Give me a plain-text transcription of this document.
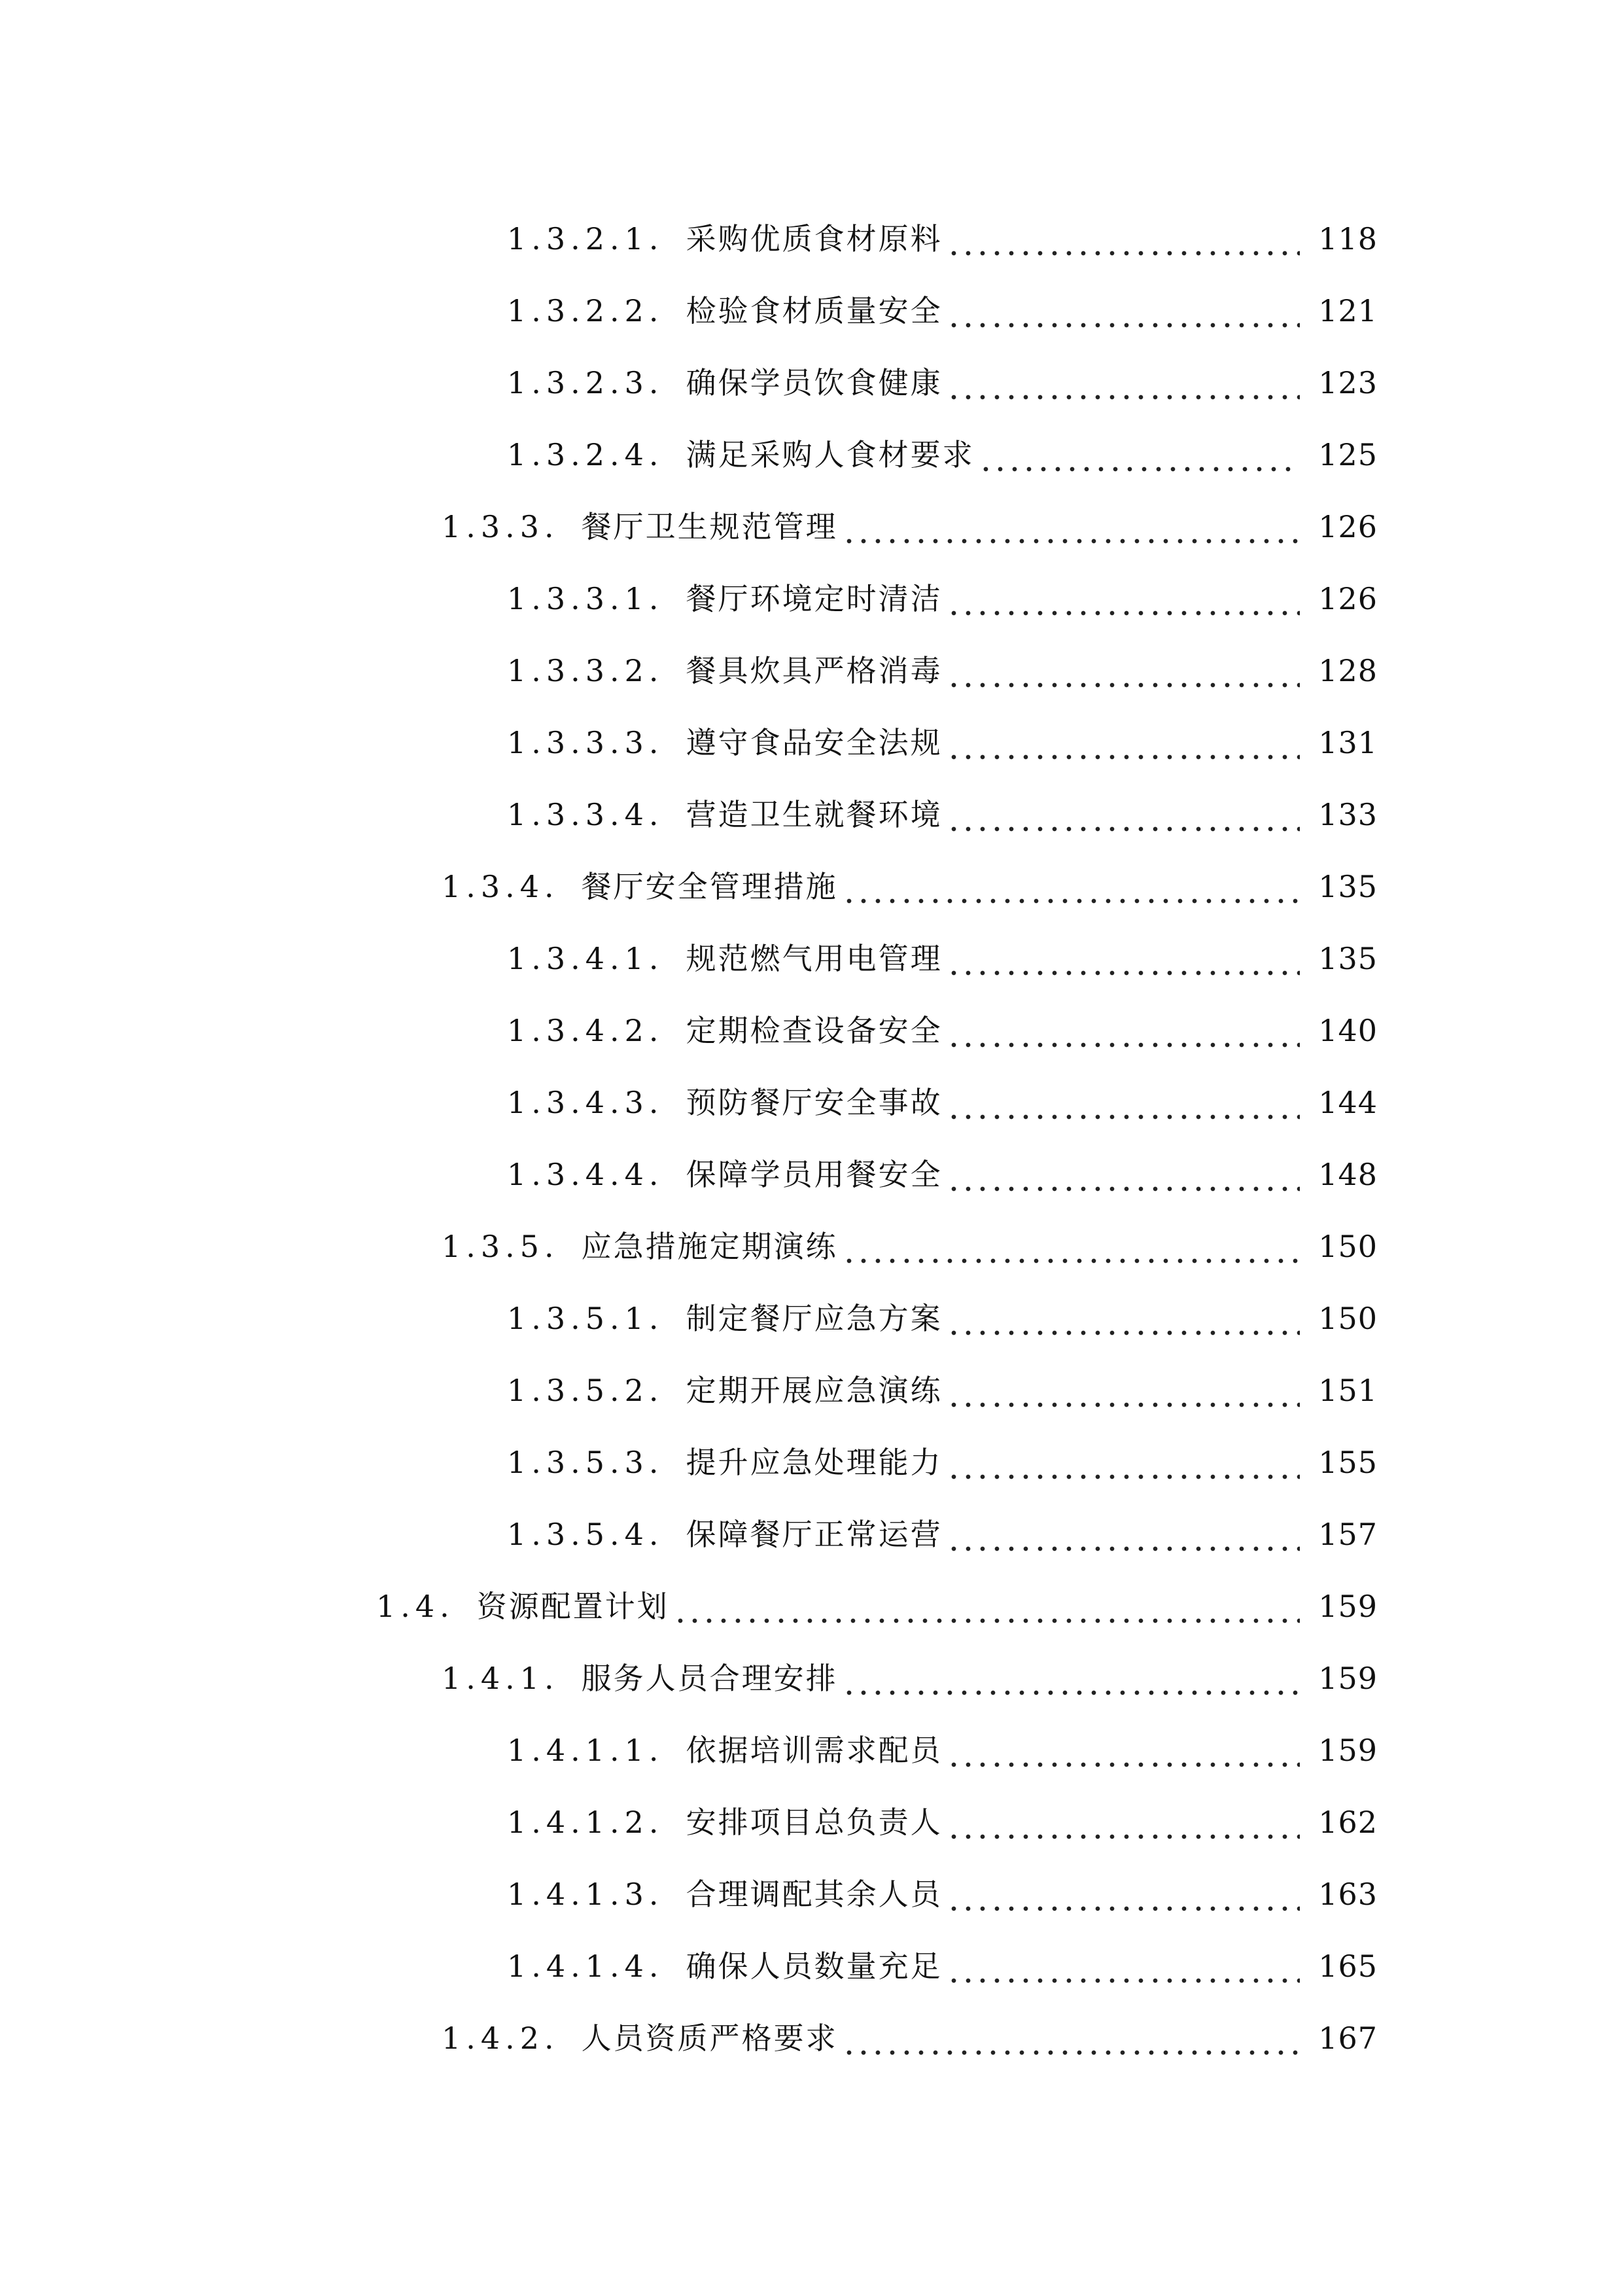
1.3.2.1. 采购优质食材原料	118
1.3.2.2. 检验食材质量安全	121
1.3.2.3. 确保学员饮食健康	123
1.3.2.4. 满足采购人食材要求	125
1.3.3. 餐厅卫生规范管理	126
1.3.3.1. 餐厅环境定时清洁	126
1.3.3.2. 餐具炊具严格消毒	128
1.3.3.3. 遵守食品安全法规	131
1.3.3.4. 营造卫生就餐环境	133
1.3.4. 餐厅安全管理措施	135
1.3.4.1. 规范燃气用电管理	135
1.3.4.2. 定期检查设备安全	140
1.3.4.3. 预防餐厅安全事故	144
1.3.4.4. 保障学员用餐安全	148
1.3.5. 应急措施定期演练	150
1.3.5.1. 制定餐厅应急方案	150
1.3.5.2. 定期开展应急演练	151
1.3.5.3. 提升应急处理能力	155
1.3.5.4. 保障餐厅正常运营	157
1.4. 资源配置计划	159
1.4.1. 服务人员合理安排	159
1.4.1.1. 依据培训需求配员	159
1.4.1.2. 安排项目总负责人	162
1.4.1.3. 合理调配其余人员	163
1.4.1.4. 确保人员数量充足	165
1.4.2. 人员资质严格要求	167
